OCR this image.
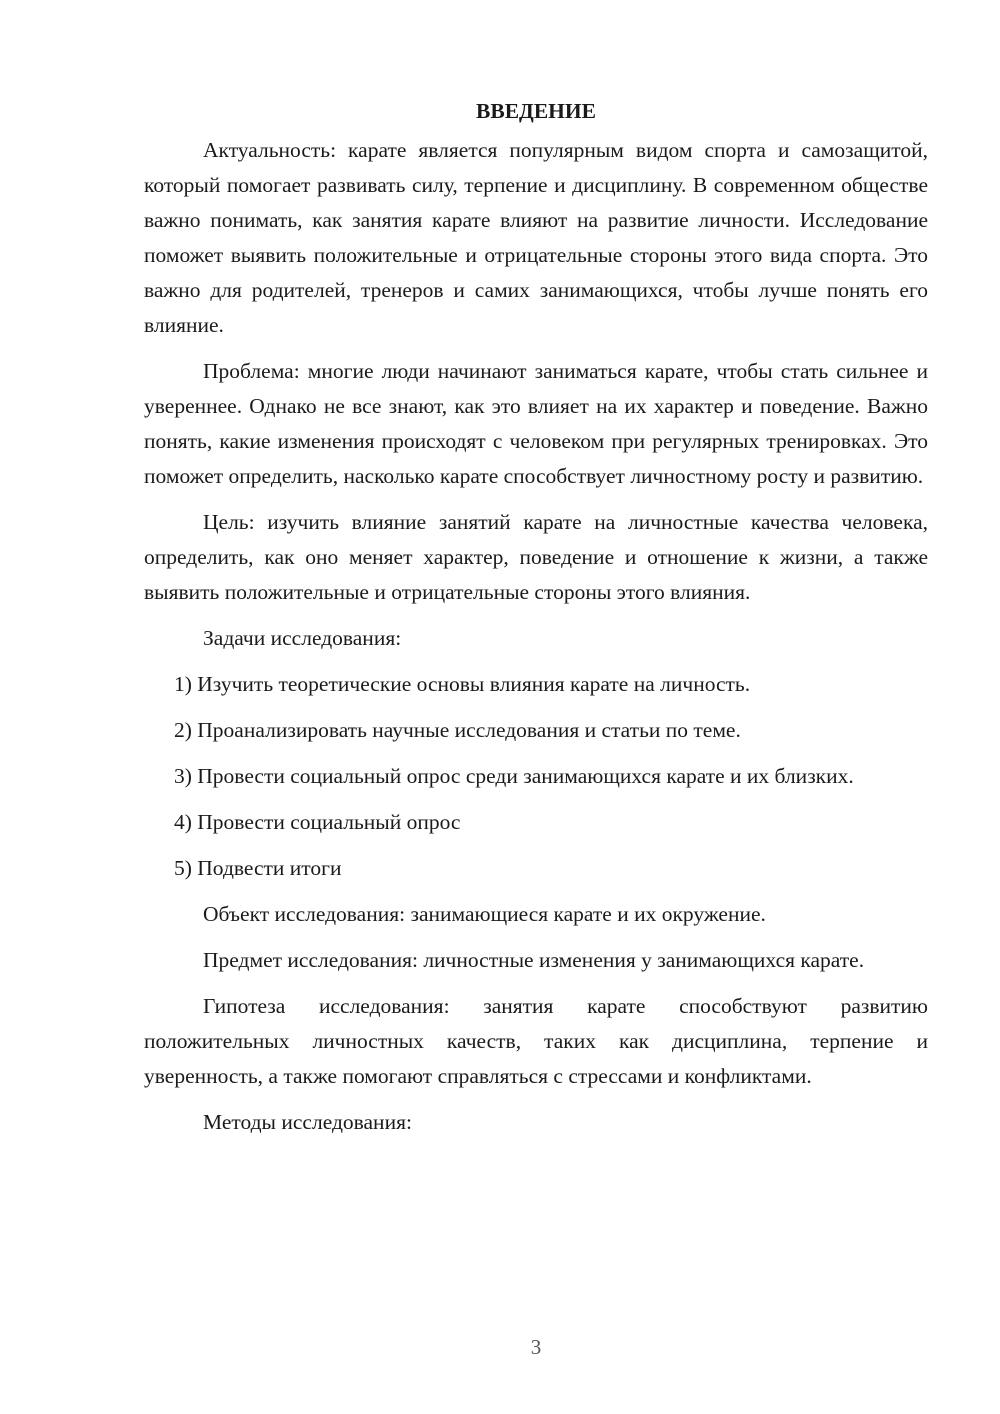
ВВЕДЕНИЕ

Актуальность: карате является популярным видом спорта и самозащитой, который помогает развивать силу, терпение и дисциплину. В современном обществе важно понимать, как занятия карате влияют на развитие личности. Исследование поможет выявить положительные и отрицательные стороны этого вида спорта. Это важно для родителей, тренеров и самих занимающихся, чтобы лучше понять его влияние.

Проблема: многие люди начинают заниматься карате, чтобы стать сильнее и увереннее. Однако не все знают, как это влияет на их характер и поведение. Важно понять, какие изменения происходят с человеком при регулярных тренировках. Это поможет определить, насколько карате способствует личностному росту и развитию.

Цель: изучить влияние занятий карате на личностные качества человека, определить, как оно меняет характер, поведение и отношение к жизни, а также выявить положительные и отрицательные стороны этого влияния.

Задачи исследования:

1) Изучить теоретические основы влияния карате на личность.

2) Проанализировать научные исследования и статьи по теме.

3) Провести социальный опрос среди занимающихся карате и их близких.

4) Провести социальный опрос

5) Подвести итоги

Объект исследования: занимающиеся карате и их окружение.

Предмет исследования: личностные изменения у занимающихся карате.

Гипотеза исследования: занятия карате способствуют развитию положительных личностных качеств, таких как дисциплина, терпение и уверенность, а также помогают справляться с стрессами и конфликтами.

Методы исследования:

3
